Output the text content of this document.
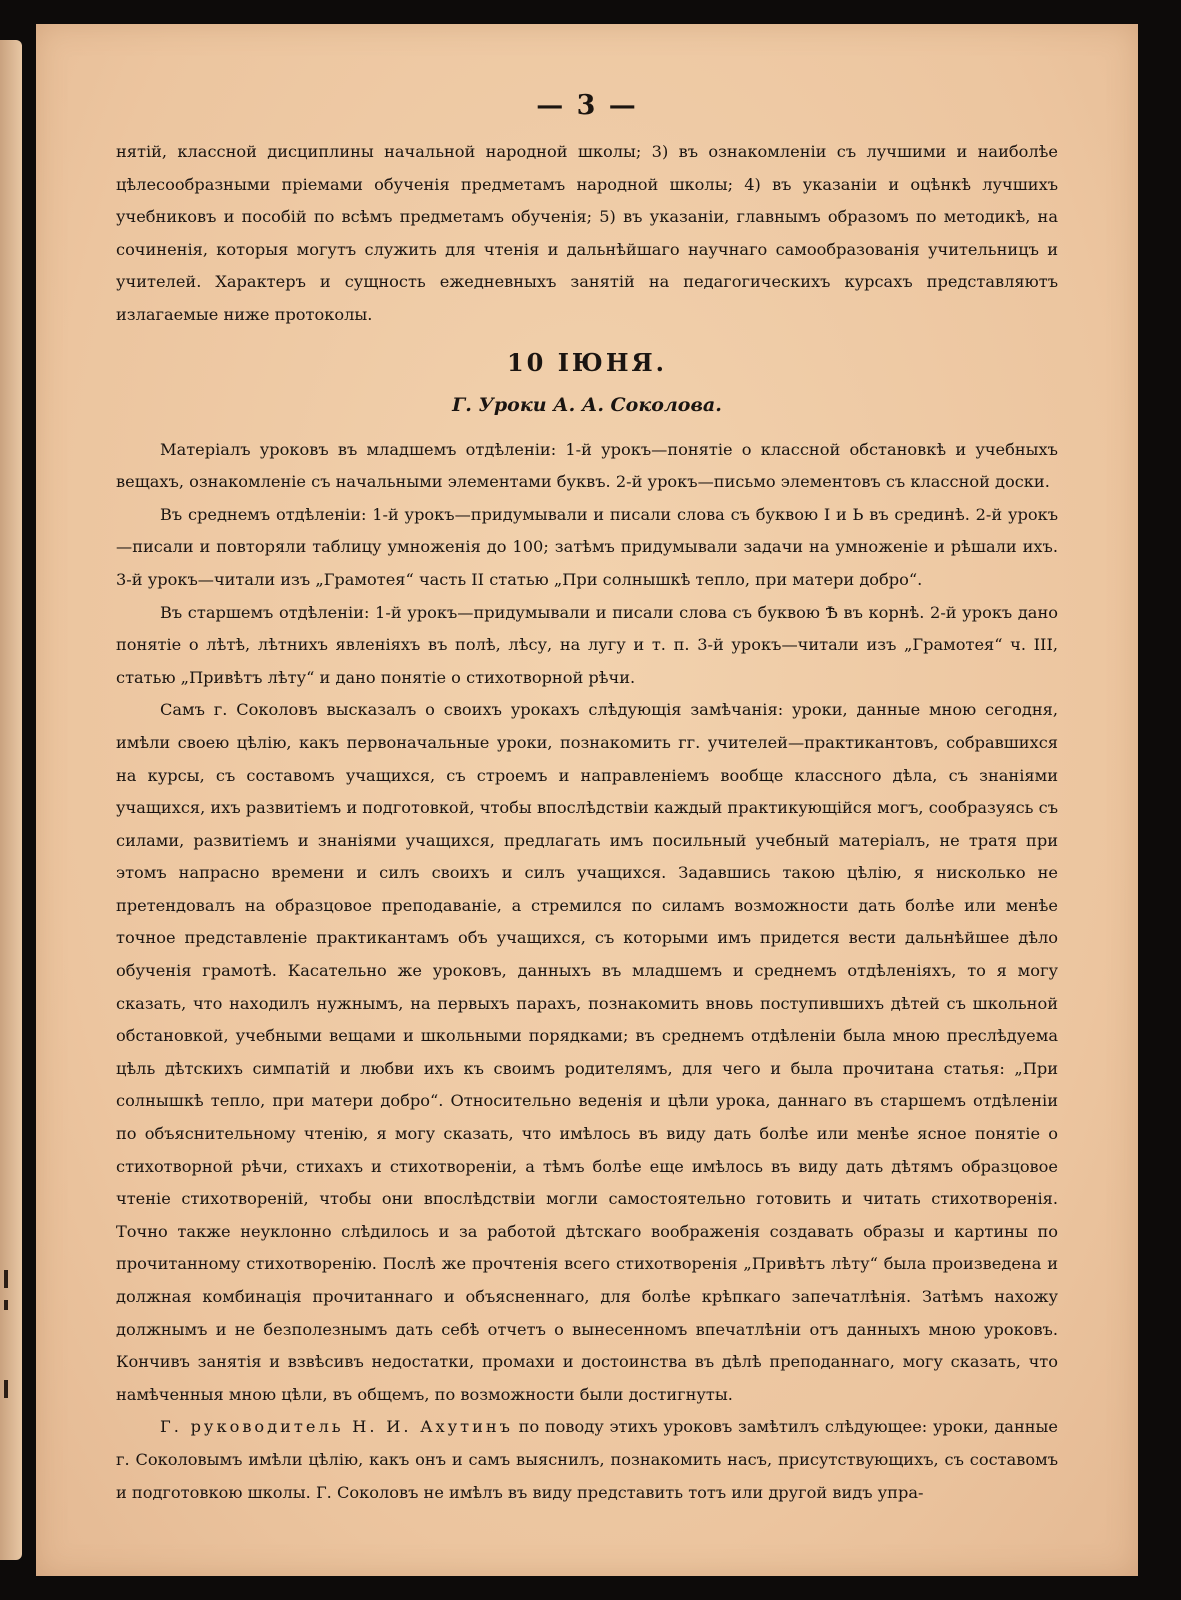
— 3 —

нятій, классной дисциплины начальной народной школы; 3) въ ознакомленіи съ лучшими и наиболѣе цѣлесообразными пріемами обученія предметамъ народной школы; 4) въ указаніи и оцѣнкѣ лучшихъ учебниковъ и пособій по всѣмъ предметамъ обученія; 5) въ указаніи, главнымъ образомъ по методикѣ, на сочиненія, которыя могутъ служить для чтенія и дальнѣйшаго научнаго самообразованія учительницъ и учителей. Характеръ и сущность ежедневныхъ занятій на педагогическихъ курсахъ представляютъ излагаемые ниже протоколы.

10 ІЮНЯ.
Г. Уроки А. А. Соколова.

Матеріалъ уроковъ въ младшемъ отдѣленіи: 1-й урокъ—понятіе о классной обстановкѣ и учебныхъ вещахъ, ознакомленіе съ начальными элементами буквъ. 2-й урокъ—письмо элементовъ съ классной доски.

Въ среднемъ отдѣленіи: 1-й урокъ—придумывали и писали слова съ буквою І и Ь въ срединѣ. 2-й урокъ—писали и повторяли таблицу умноженія до 100; затѣмъ придумывали задачи на умноженіе и рѣшали ихъ. 3-й урокъ—читали изъ „Грамотея“ часть II статью „При солнышкѣ тепло, при матери добро“.

Въ старшемъ отдѣленіи: 1-й урокъ—придумывали и писали слова съ буквою Ѣ въ корнѣ. 2-й урокъ дано понятіе о лѣтѣ, лѣтнихъ явленіяхъ въ полѣ, лѣсу, на лугу и т. п. 3-й урокъ—читали изъ „Грамотея“ ч. III, статью „Привѣтъ лѣту“ и дано понятіе о стихотворной рѣчи.

Самъ г. Соколовъ высказалъ о своихъ урокахъ слѣдующія замѣчанія: уроки, данные мною сегодня, имѣли своею цѣлію, какъ первоначальные уроки, познакомить гг. учителей—практикантовъ, собравшихся на курсы, съ составомъ учащихся, съ строемъ и направленіемъ вообще классного дѣла, съ знаніями учащихся, ихъ развитіемъ и подготовкой, чтобы впослѣдствіи каждый практикующійся могъ, сообразуясь съ силами, развитіемъ и знаніями учащихся, предлагать имъ посильный учебный матеріалъ, не тратя при этомъ напрасно времени и силъ своихъ и силъ учащихся. Задавшись такою цѣлію, я нисколько не претендовалъ на образцовое преподаваніе, а стремился по силамъ возможности дать болѣе или менѣе точное представленіе практикантамъ объ учащихся, съ которыми имъ придется вести дальнѣйшее дѣло обученія грамотѣ. Касательно же уроковъ, данныхъ въ младшемъ и среднемъ отдѣленіяхъ, то я могу сказать, что находилъ нужнымъ, на первыхъ парахъ, познакомить вновь поступившихъ дѣтей съ школьной обстановкой, учебными вещами и школьными порядками; въ среднемъ отдѣленіи была мною преслѣдуема цѣль дѣтскихъ симпатій и любви ихъ къ своимъ родителямъ, для чего и была прочитана статья: „При солнышкѣ тепло, при матери добро“. Относительно веденія и цѣли урока, даннаго въ старшемъ отдѣленіи по объяснительному чтенію, я могу сказать, что имѣлось въ виду дать болѣе или менѣе ясное понятіе о стихотворной рѣчи, стихахъ и стихотвореніи, а тѣмъ болѣе еще имѣлось въ виду дать дѣтямъ образцовое чтеніе стихотвореній, чтобы они впослѣдствіи могли самостоятельно готовить и читать стихотворенія. Точно также неуклонно слѣдилось и за работой дѣтскаго воображенія создавать образы и картины по прочитанному стихотворенію. Послѣ же прочтенія всего стихотворенія „Привѣтъ лѣту“ была произведена и должная комбинація прочитаннаго и объясненнаго, для болѣе крѣпкаго запечатлѣнія. Затѣмъ нахожу должнымъ и не безполезнымъ дать себѣ отчетъ о вынесенномъ впечатлѣніи отъ данныхъ мною уроковъ. Кончивъ занятія и взвѣсивъ недостатки, промахи и достоинства въ дѣлѣ преподаннаго, могу сказать, что намѣченныя мною цѣли, въ общемъ, по возможности были достигнуты.

Г. руководитель Н. И. Ахутинъ по поводу этихъ уроковъ замѣтилъ слѣдующее: уроки, данные г. Соколовымъ имѣли цѣлію, какъ онъ и самъ выяснилъ, познакомить насъ, присутствующихъ, съ составомъ и подготовкою школы. Г. Соколовъ не имѣлъ въ виду представить тотъ или другой видъ упра-
